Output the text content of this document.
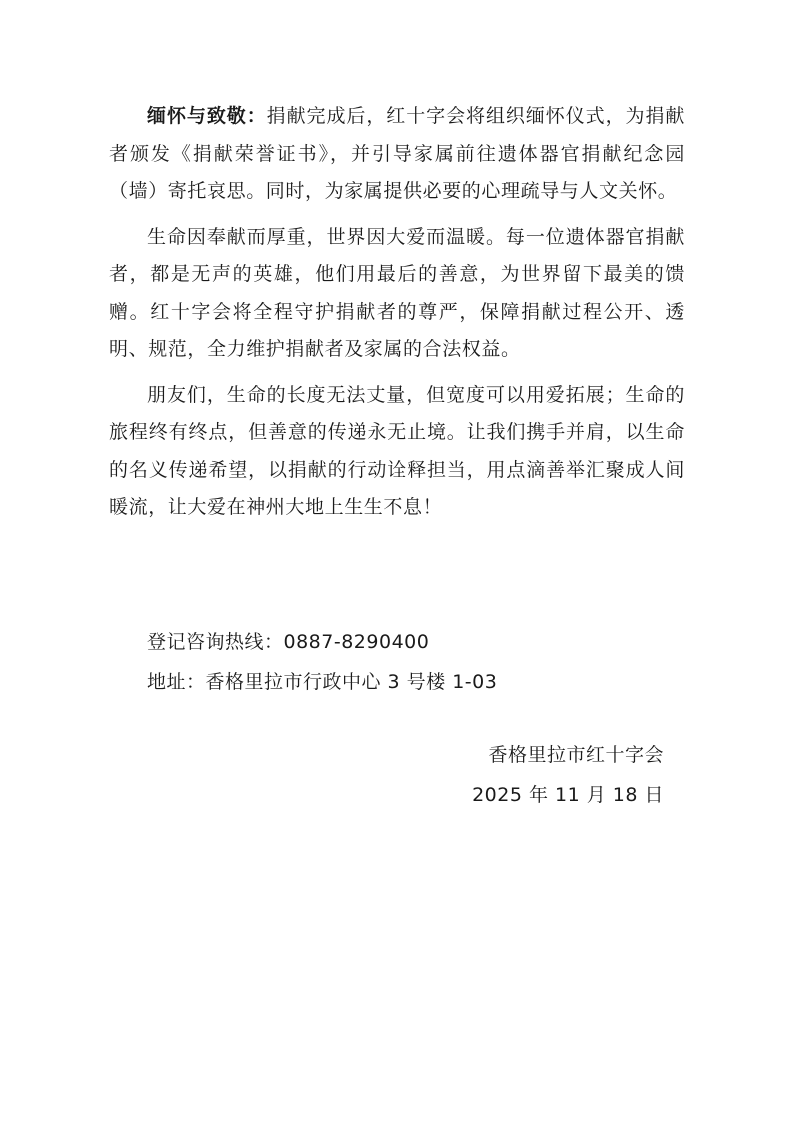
缅怀与致敬：捐献完成后，红十字会将组织缅怀仪式，为捐献者颁发《捐献荣誉证书》，并引导家属前往遗体器官捐献纪念园（墙）寄托哀思。同时，为家属提供必要的心理疏导与人文关怀。

生命因奉献而厚重，世界因大爱而温暖。每一位遗体器官捐献者，都是无声的英雄，他们用最后的善意，为世界留下最美的馈赠。红十字会将全程守护捐献者的尊严，保障捐献过程公开、透明、规范，全力维护捐献者及家属的合法权益。

朋友们，生命的长度无法丈量，但宽度可以用爱拓展；生命的旅程终有终点，但善意的传递永无止境。让我们携手并肩，以生命的名义传递希望，以捐献的行动诠释担当，用点滴善举汇聚成人间暖流，让大爱在神州大地上生生不息！

登记咨询热线：0887-8290400
地址：香格里拉市行政中心 3 号楼 1-03
香格里拉市红十字会
2025 年 11 月 18 日
